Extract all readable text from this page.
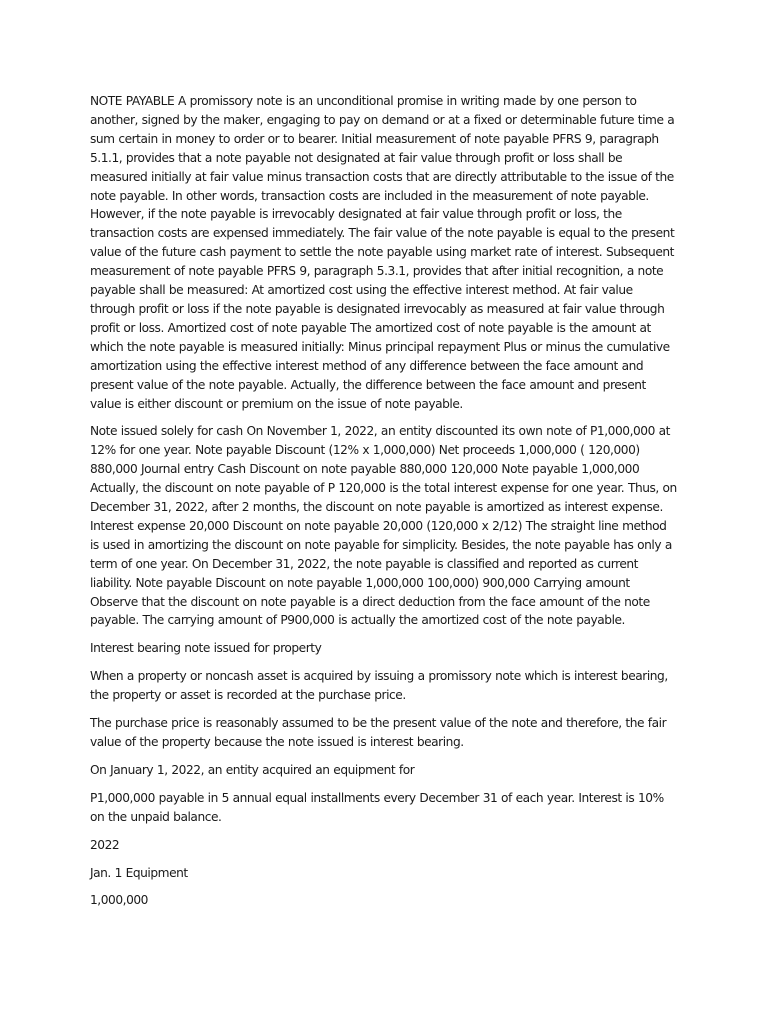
NOTE PAYABLE A promissory note is an unconditional promise in writing made by one person to another, signed by the maker, engaging to pay on demand or at a fixed or determinable future time a sum certain in money to order or to bearer. Initial measurement of note payable PFRS 9, paragraph 5.1.1, provides that a note payable not designated at fair value through profit or loss shall be measured initially at fair value minus transaction costs that are directly attributable to the issue of the note payable. In other words, transaction costs are included in the measurement of note payable. However, if the note payable is irrevocably designated at fair value through profit or loss, the transaction costs are expensed immediately. The fair value of the note payable is equal to the present value of the future cash payment to settle the note payable using market rate of interest. Subsequent measurement of note payable PFRS 9, paragraph 5.3.1, provides that after initial recognition, a note payable shall be measured: At amortized cost using the effective interest method. At fair value through profit or loss if the note payable is designated irrevocably as measured at fair value through profit or loss. Amortized cost of note payable The amortized cost of note payable is the amount at which the note payable is measured initially: Minus principal repayment Plus or minus the cumulative amortization using the effective interest method of any difference between the face amount and present value of the note payable. Actually, the difference between the face amount and present value is either discount or premium on the issue of note payable.

Note issued solely for cash On November 1, 2022, an entity discounted its own note of P1,000,000 at 12% for one year. Note payable Discount (12% x 1,000,000) Net proceeds 1,000,000 ( 120,000) 880,000 Journal entry Cash Discount on note payable 880,000 120,000 Note payable 1,000,000 Actually, the discount on note payable of P 120,000 is the total interest expense for one year. Thus, on December 31, 2022, after 2 months, the discount on note payable is amortized as interest expense. Interest expense 20,000 Discount on note payable 20,000 (120,000 x 2/12) The straight line method is used in amortizing the discount on note payable for simplicity. Besides, the note payable has only a term of one year. On December 31, 2022, the note payable is classified and reported as current liability. Note payable Discount on note payable 1,000,000 100,000) 900,000 Carrying amount Observe that the discount on note payable is a direct deduction from the face amount of the note payable. The carrying amount of P900,000 is actually the amortized cost of the note payable.

Interest bearing note issued for property

When a property or noncash asset is acquired by issuing a promissory note which is interest bearing, the property or asset is recorded at the purchase price.

The purchase price is reasonably assumed to be the present value of the note and therefore, the fair value of the property because the note issued is interest bearing.

On January 1, 2022, an entity acquired an equipment for

P1,000,000 payable in 5 annual equal installments every December 31 of each year. Interest is 10% on the unpaid balance.

2022

Jan. 1 Equipment

1,000,000
